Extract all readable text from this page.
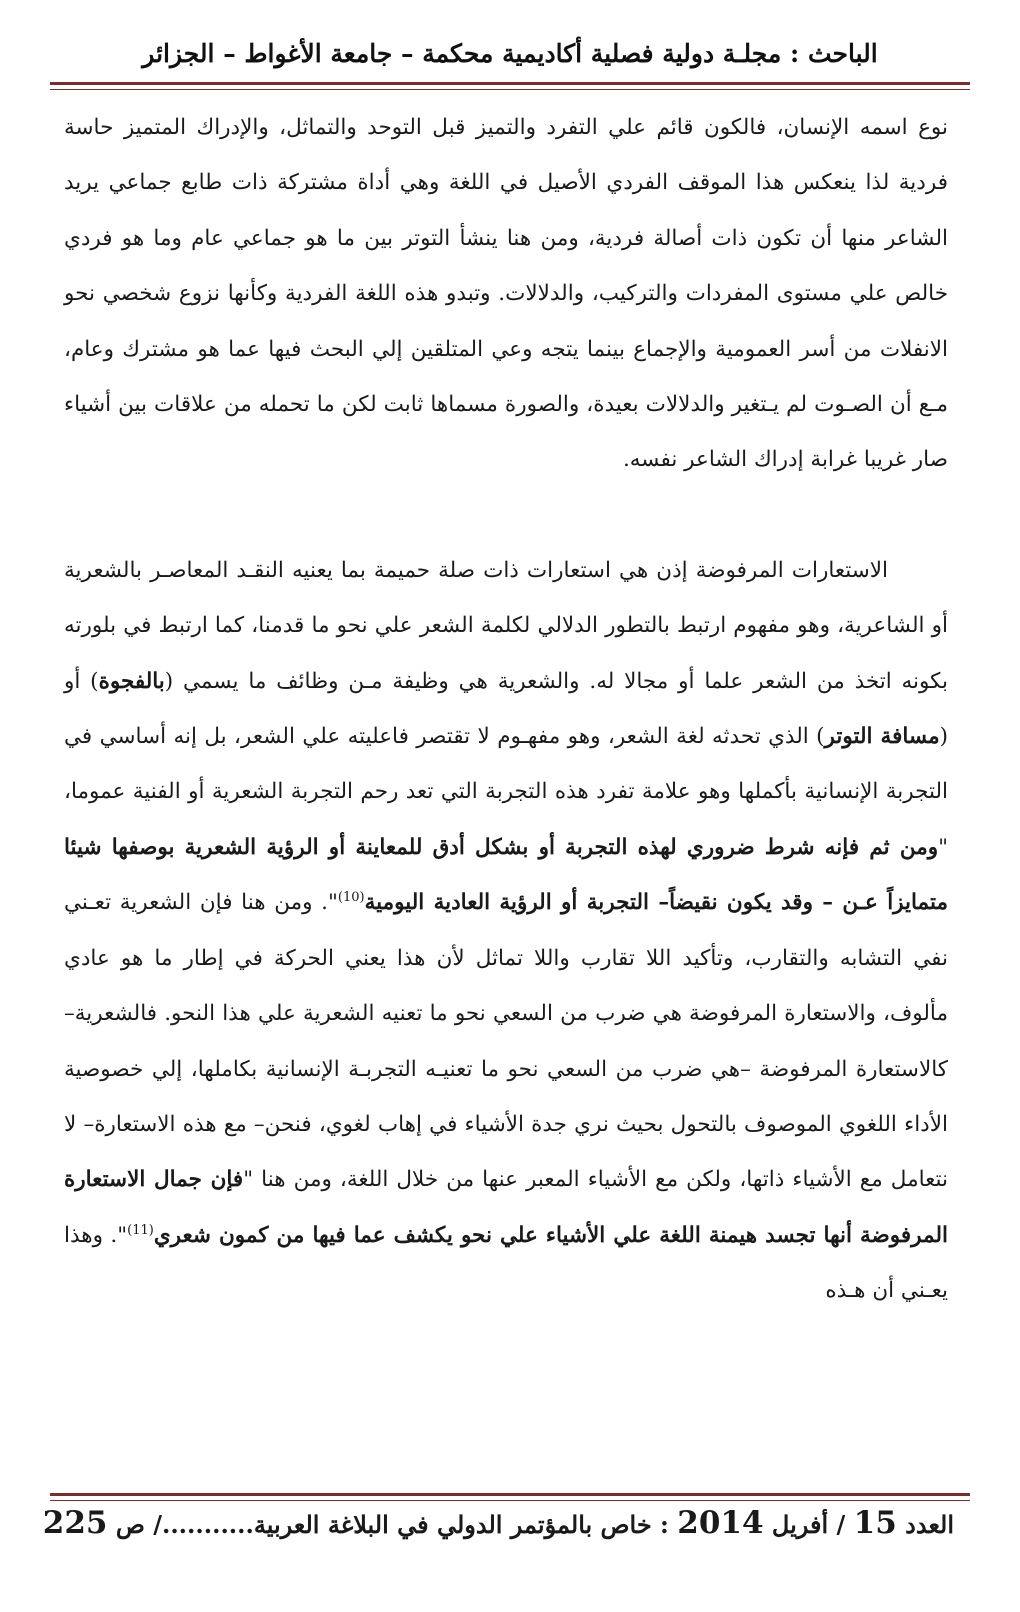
الباحث : مجلـة دولية فصلية أكاديمية محكمة – جامعة الأغواط – الجزائر

نوع اسمه الإنسان، فالكون قائم علي التفرد والتميز قبل التوحد والتماثل، والإدراك المتميز حاسة فردية لذا ينعكس هذا الموقف الفردي الأصيل في اللغة وهي أداة مشتركة ذات طابع جماعي يريد الشاعر منها أن تكون ذات أصالة فردية، ومن هنا ينشأ التوتر بين ما هو جماعي عام وما هو فردي خالص علي مستوى المفردات والتركيب، والدلالات. وتبدو هذه اللغة الفردية وكأنها نزوع شخصي نحو الانفلات من أسر العمومية والإجماع بينما يتجه وعي المتلقين إلي البحث فيها عما هو مشترك وعام، مـع أن الصـوت لم يـتغير والدلالات بعيدة، والصورة مسماها ثابت لكن ما تحمله من علاقات بين أشياء صار غريبا غرابة إدراك الشاعر نفسه.

الاستعارات المرفوضة إذن هي استعارات ذات صلة حميمة بما يعنيه النقـد المعاصـر بالشعرية أو الشاعرية، وهو مفهوم ارتبط بالتطور الدلالي لكلمة الشعر علي نحو ما قدمنا، كما ارتبط في بلورته بكونه اتخذ من الشعر علما أو مجالا له. والشعرية هي وظيفة مـن وظائف ما يسمي (بالفجوة) أو (مسافة التوتر) الذي تحدثه لغة الشعر، وهو مفهـوم لا تقتصر فاعليته علي الشعر، بل إنه أساسي في التجربة الإنسانية بأكملها وهو علامة تفرد هذه التجربة التي تعد رحم التجربة الشعرية أو الفنية عموما، "ومن ثم فإنه شرط ضروري لهذه التجربة أو بشكل أدق للمعاينة أو الرؤية الشعرية بوصفها شيئا متمايزاً عـن – وقد يكون نقيضاً– التجربة أو الرؤية العادية اليومية$^{(10)}$". ومن هنا فإن الشعرية تعـني نفي التشابه والتقارب، وتأكيد اللا تقارب واللا تماثل لأن هذا يعني الحركة في إطار ما هو عادي مألوف، والاستعارة المرفوضة هي ضرب من السعي نحو ما تعنيه الشعرية علي هذا النحو. فالشعرية– كالاستعارة المرفوضة –هي ضرب من السعي نحو ما تعنيـه التجربـة الإنسانية بكاملها، إلي خصوصية الأداء اللغوي الموصوف بالتحول بحيث نري جدة الأشياء في إهاب لغوي، فنحن– مع هذه الاستعارة– لا نتعامل مع الأشياء ذاتها، ولكن مع الأشياء المعبر عنها من خلال اللغة، ومن هنا "فإن جمال الاستعارة المرفوضة أنها تجسد هيمنة اللغة علي الأشياء علي نحو يكشف عما فيها من كمون شعري$^{(11)}$". وهذا يعـني أن هـذه

العدد 15 / أفريل 2014 : خاص بالمؤتمر الدولي في البلاغة العربية.........../ ص 225
